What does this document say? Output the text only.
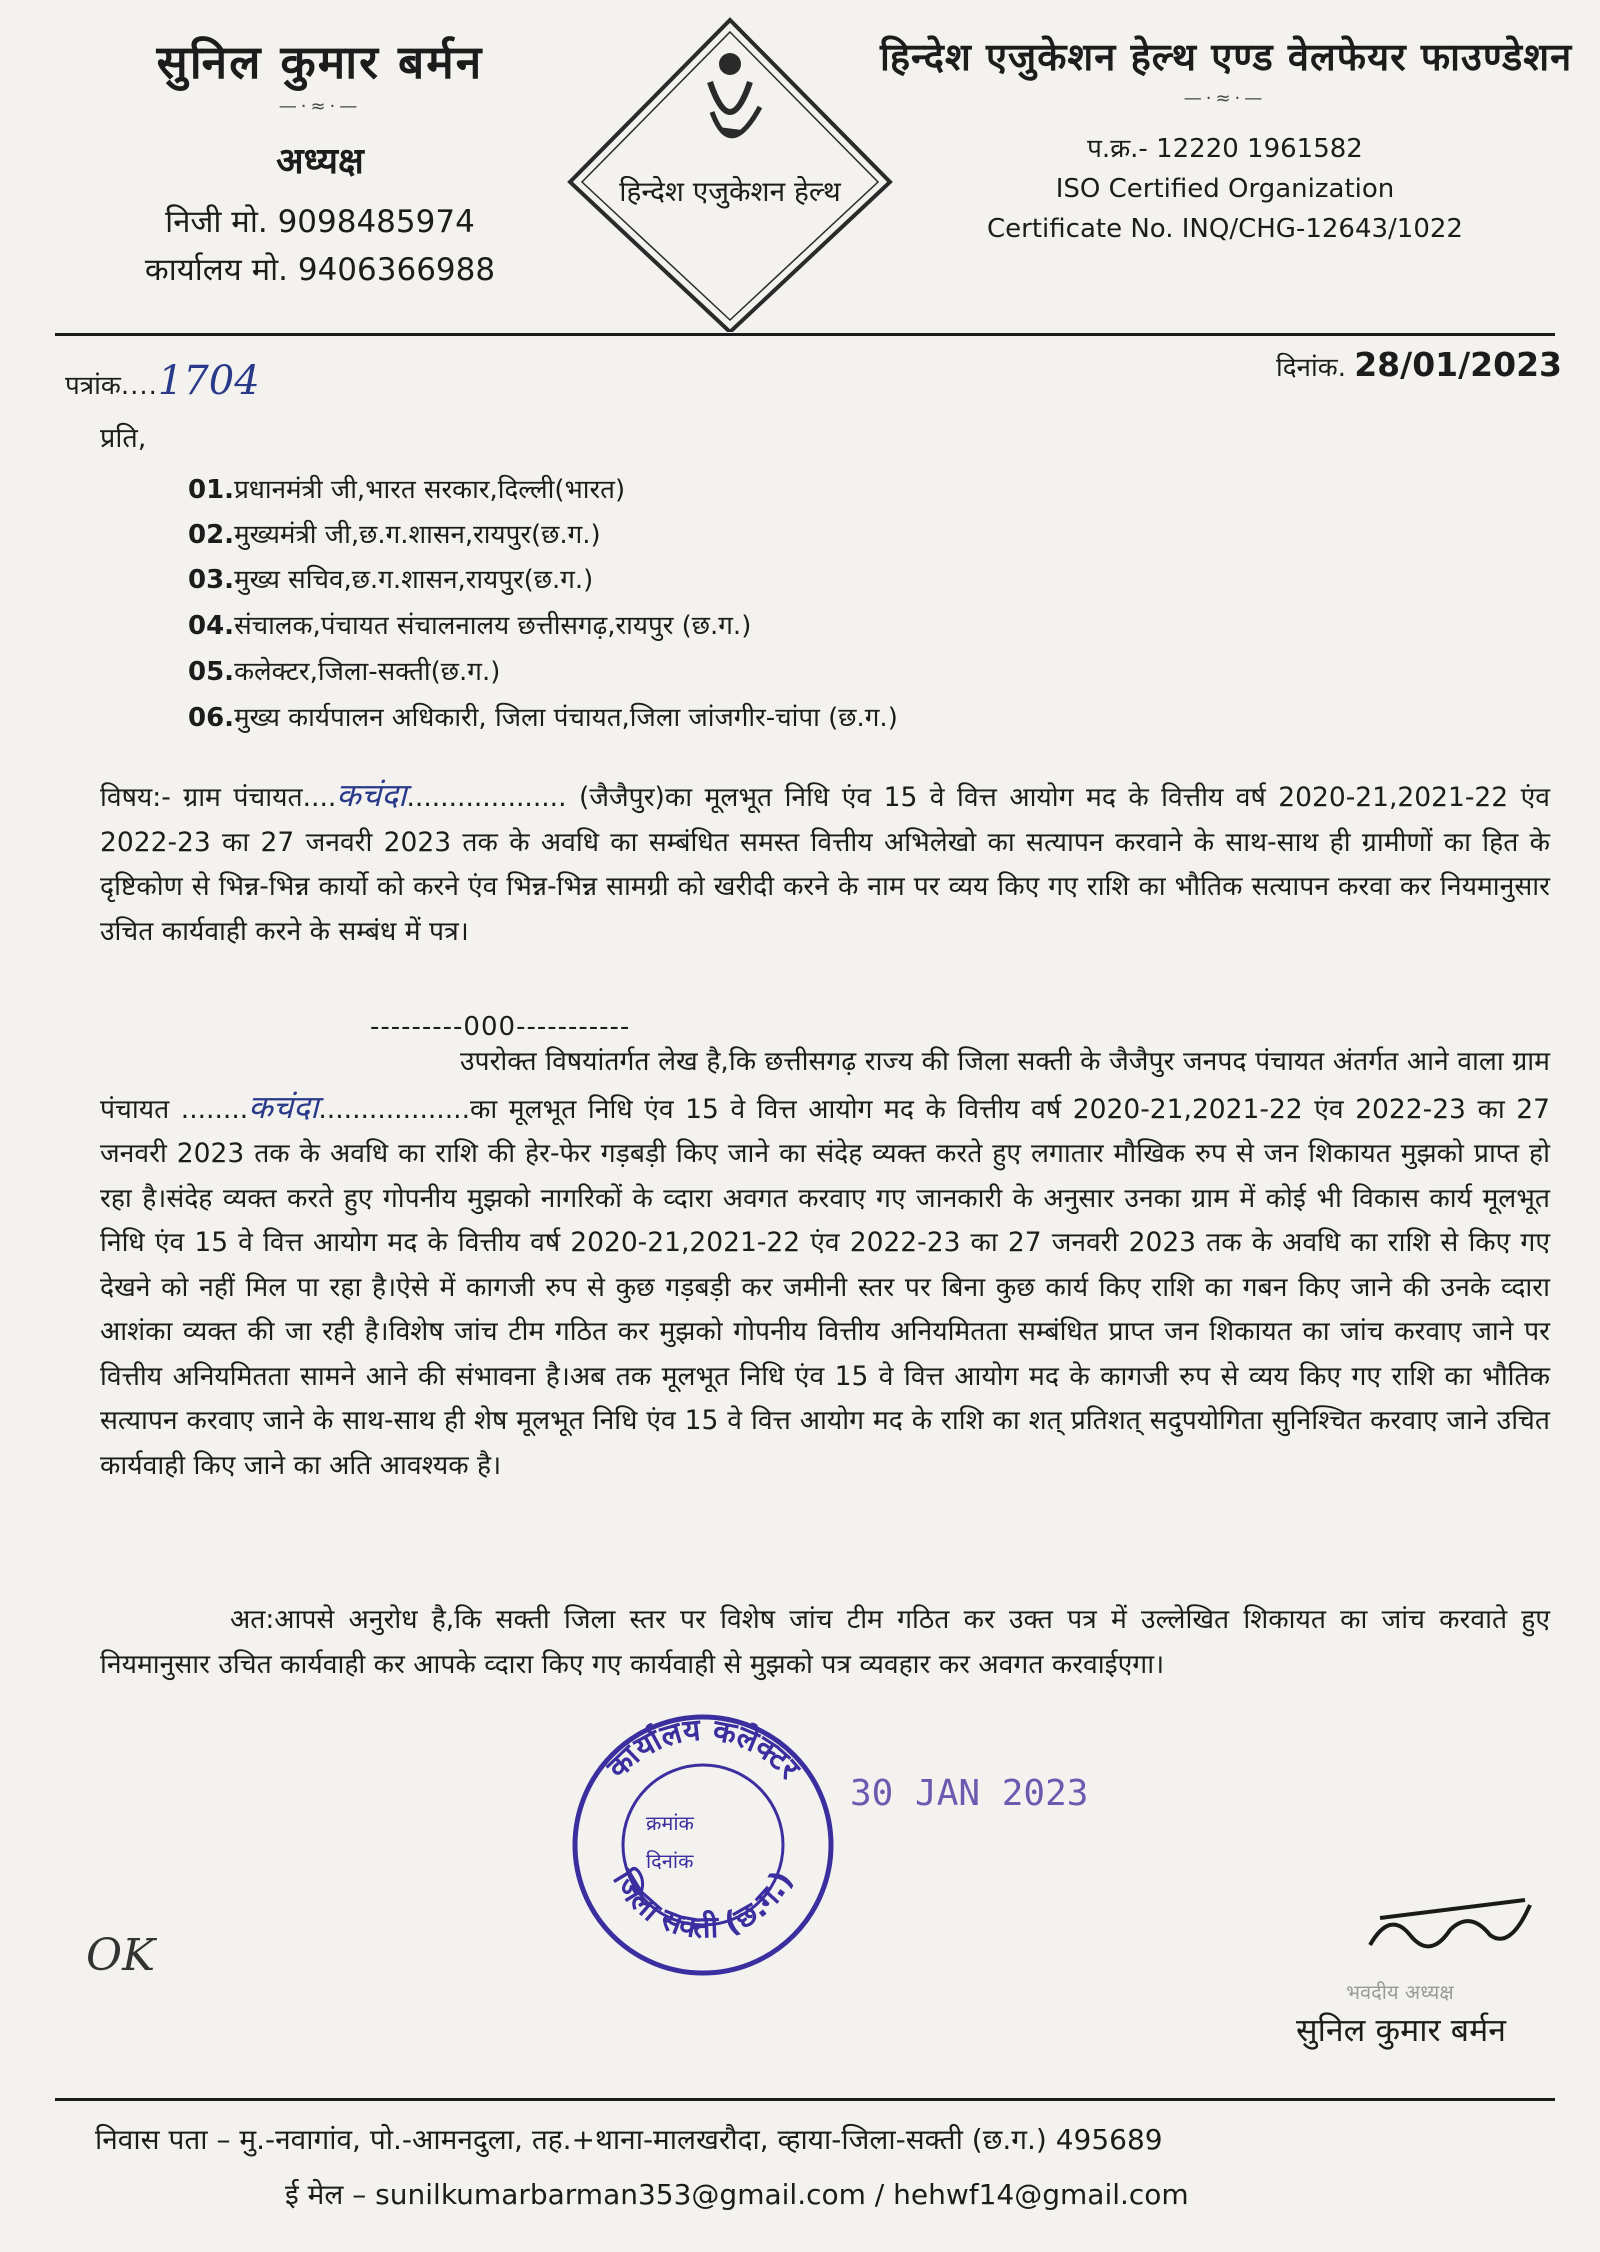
सुनिल कुमार बर्मन
—·≈·—
अध्यक्ष
निजी मो. 9098485974
कार्यालय मो. 9406366988
हिन्देश एजुकेशन हेल्थ
हिन्देश एजुकेशन हेल्थ एण्ड वेलफेयर फाउण्डेशन
—·≈·—
प.क्र.- 12220 1961582
ISO Certified Organization
Certificate No. INQ/CHG-12643/1022
पत्रांक....1704	दिनांक. 28/01/2023
प्रति,
01.प्रधानमंत्री जी,भारत सरकार,दिल्ली(भारत)
02.मुख्यमंत्री जी,छ.ग.शासन,रायपुर(छ.ग.)
03.मुख्य सचिव,छ.ग.शासन,रायपुर(छ.ग.)
04.संचालक,पंचायत संचालनालय छत्तीसगढ़,रायपुर (छ.ग.)
05.कलेक्टर,जिला-सक्ती(छ.ग.)
06.मुख्य कार्यपालन अधिकारी, जिला पंचायत,जिला जांजगीर-चांपा (छ.ग.)
विषय:- ग्राम पंचायत....कचंदा................... (जैजैपुर)का मूलभूत निधि एंव 15 वे वित्त आयोग मद के वित्तीय वर्ष 2020-21,2021-22 एंव 2022-23 का 27 जनवरी 2023 तक के अवधि का सम्बंधित समस्त वित्तीय अभिलेखो का सत्यापन करवाने के साथ-साथ ही ग्रामीणों का हित के दृष्टिकोण से भिन्न-भिन्न कार्यो को करने एंव भिन्न-भिन्न सामग्री को खरीदी करने के नाम पर व्यय किए गए राशि का भौतिक सत्यापन करवा कर नियमानुसार उचित कार्यवाही करने के सम्बंध में पत्र।
---------000-----------
उपरोक्त विषयांतर्गत लेख है,कि छत्तीसगढ़ राज्य की जिला सक्ती के जैजैपुर जनपद पंचायत अंतर्गत आने वाला ग्राम पंचायत ........कचंदा..................का मूलभूत निधि एंव 15 वे वित्त आयोग मद के वित्तीय वर्ष 2020-21,2021-22 एंव 2022-23 का 27 जनवरी 2023 तक के अवधि का राशि की हेर-फेर गड़बड़ी किए जाने का संदेह व्यक्त करते हुए लगातार मौखिक रुप से जन शिकायत मुझको प्राप्त हो रहा है।संदेह व्यक्त करते हुए गोपनीय मुझको नागरिकों के व्दारा अवगत करवाए गए जानकारी के अनुसार उनका ग्राम में कोई भी विकास कार्य मूलभूत निधि एंव 15 वे वित्त आयोग मद के वित्तीय वर्ष 2020-21,2021-22 एंव 2022-23 का 27 जनवरी 2023 तक के अवधि का राशि से किए गए देखने को नहीं मिल पा रहा है।ऐसे में कागजी रुप से कुछ गड़बड़ी कर जमीनी स्तर पर बिना कुछ कार्य किए राशि का गबन किए जाने की उनके व्दारा आशंका व्यक्त की जा रही है।विशेष जांच टीम गठित कर मुझको गोपनीय वित्तीय अनियमितता सम्बंधित प्राप्त जन शिकायत का जांच करवाए जाने पर वित्तीय अनियमितता सामने आने की संभावना है।अब तक मूलभूत निधि एंव 15 वे वित्त आयोग मद के कागजी रुप से व्यय किए गए राशि का भौतिक सत्यापन करवाए जाने के साथ-साथ ही शेष मूलभूत निधि एंव 15 वे वित्त आयोग मद के राशि का शत् प्रतिशत् सदुपयोगिता सुनिश्चित करवाए जाने उचित कार्यवाही किए जाने का अति आवश्यक है।
अत:आपसे अनुरोध है,कि सक्ती जिला स्तर पर विशेष जांच टीम गठित कर उक्त पत्र में उल्लेखित शिकायत का जांच करवाते हुए नियमानुसार उचित कार्यवाही कर आपके व्दारा किए गए कार्यवाही से मुझको पत्र व्यवहार कर अवगत करवाईएगा।
कार्यालय कलेक्टर
जिला सक्ती (छ.ग.)
क्रमांक
दिनांक
30 JAN 2023
OK
भवदीय अध्यक्ष
सुनिल कुमार बर्मन
निवास पता – मु.-नवागांव, पो.-आमनदुला, तह.+थाना-मालखरौदा, व्हाया-जिला-सक्ती (छ.ग.) 495689
ई मेल – sunilkumarbarman353@gmail.com / hehwf14@gmail.com
